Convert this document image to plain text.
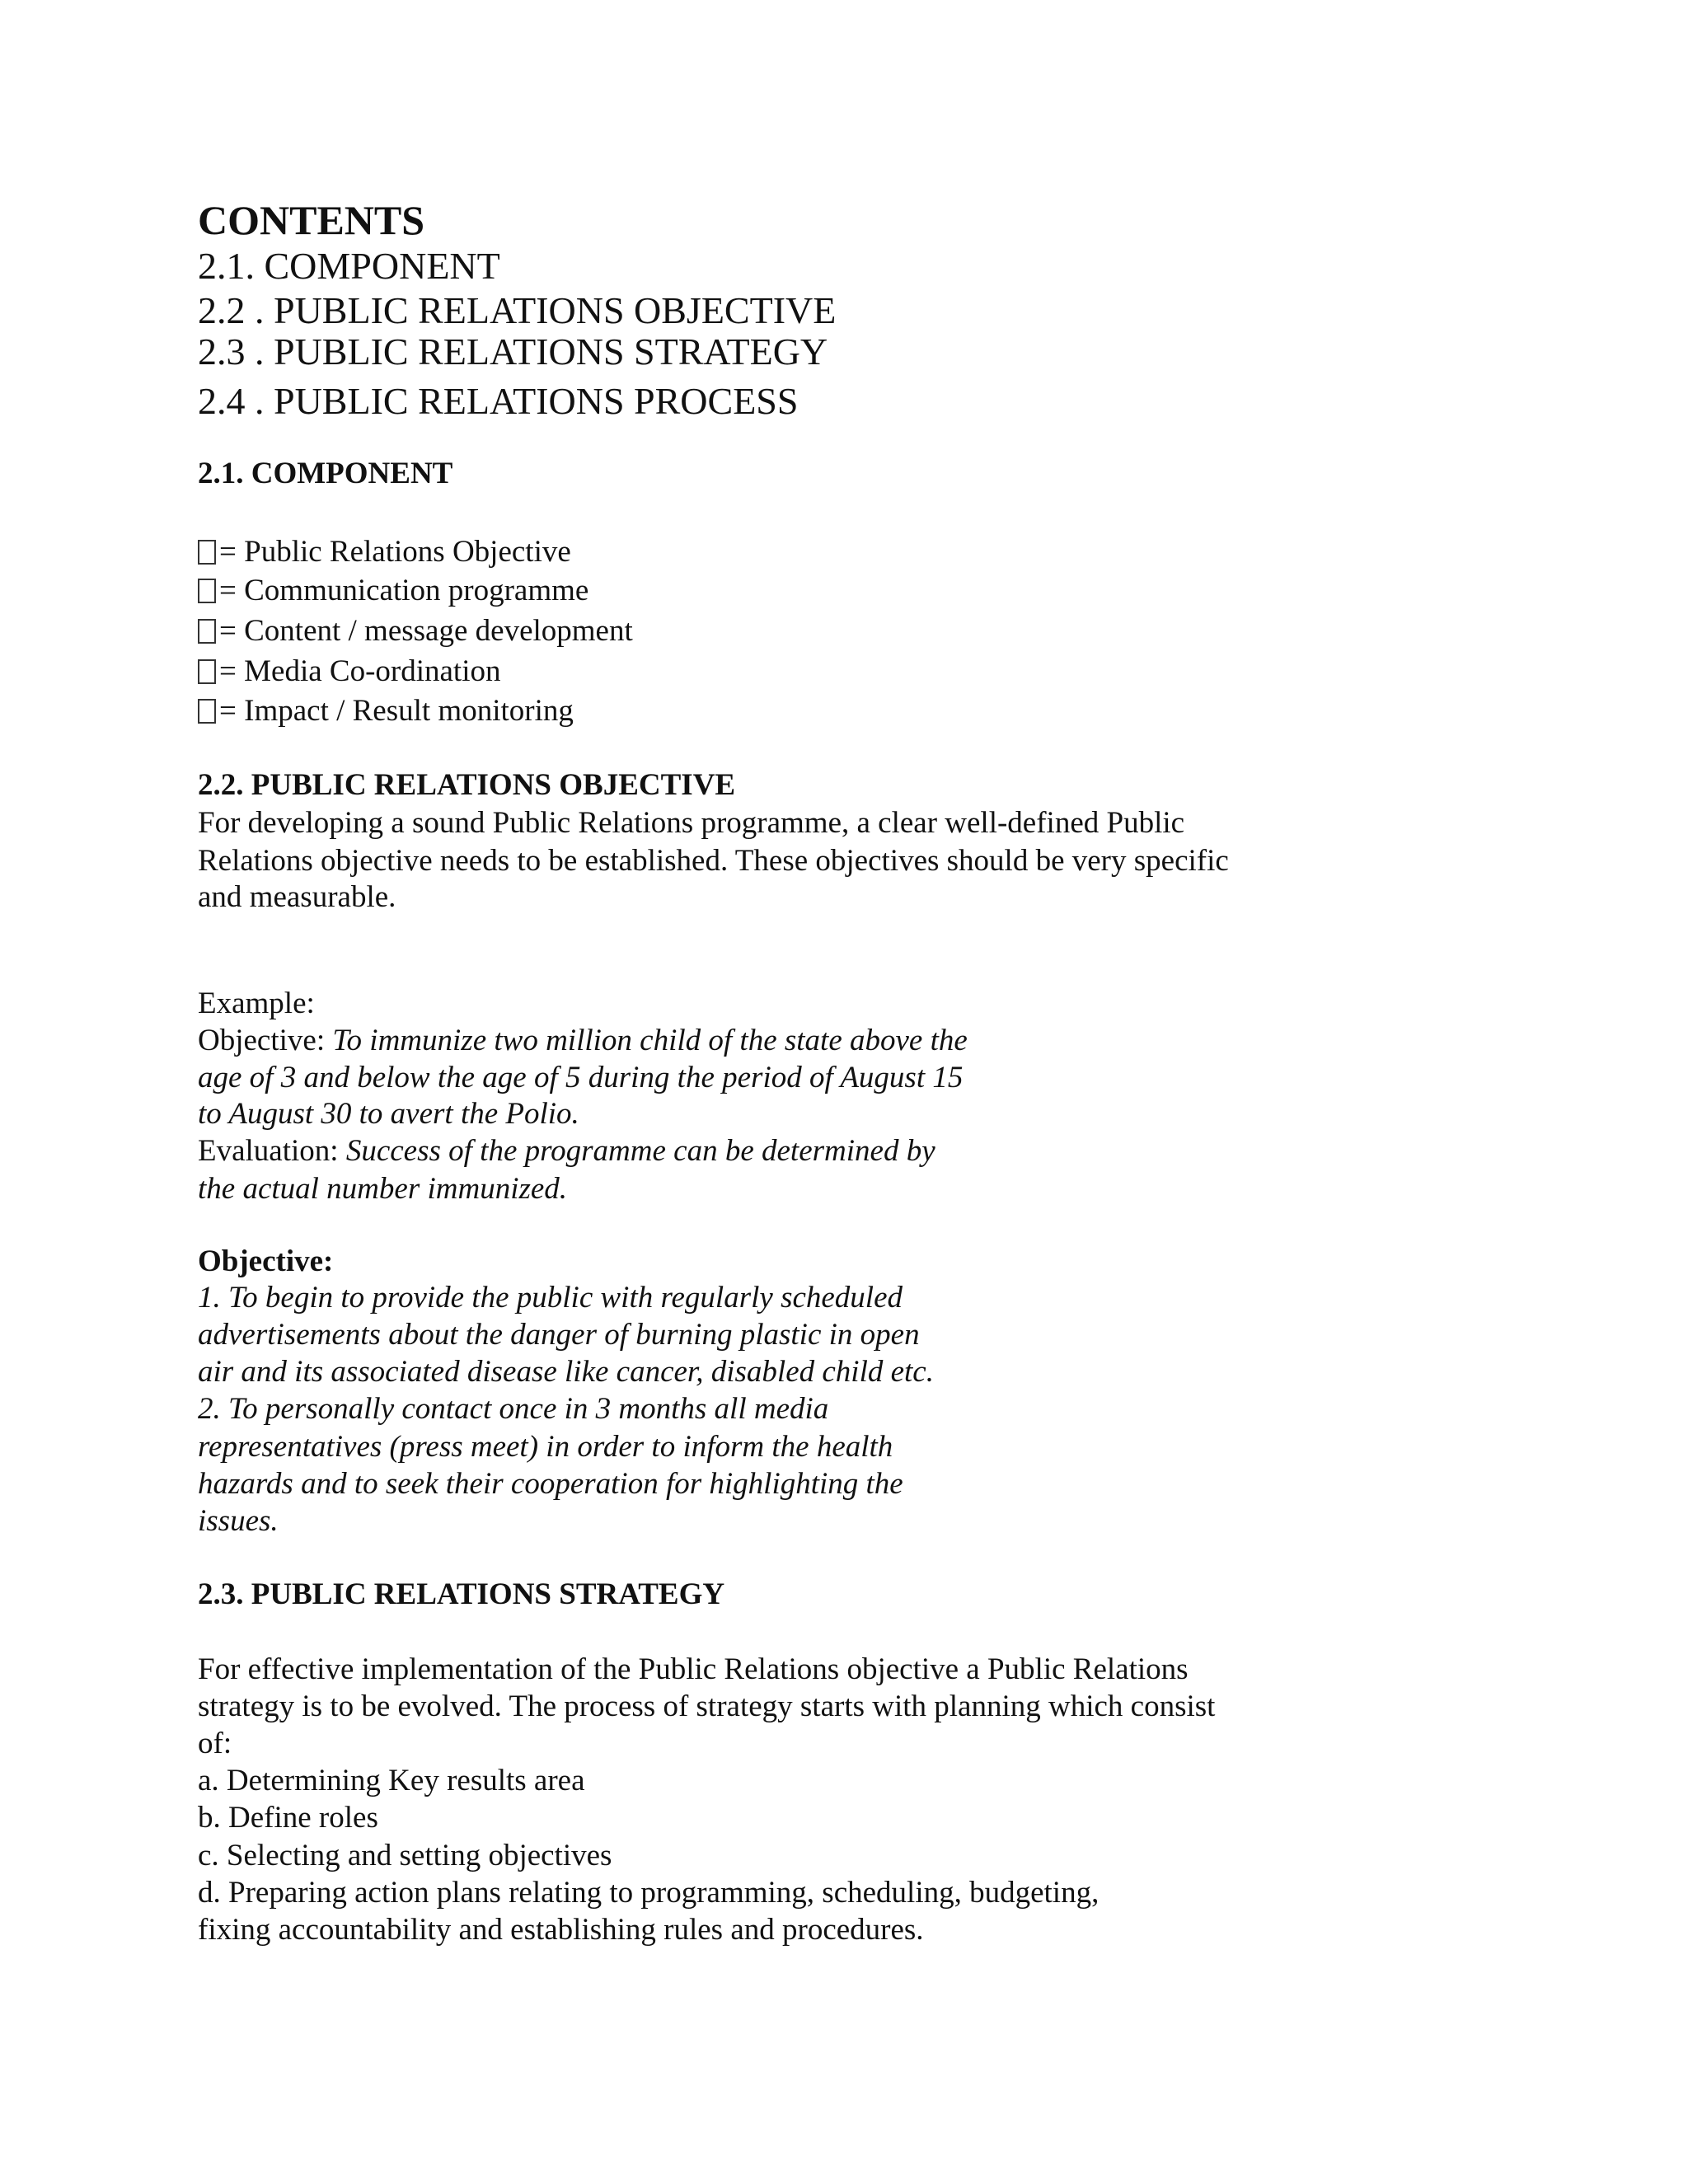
CONTENTS
2.1. COMPONENT
2.2 . PUBLIC RELATIONS OBJECTIVE
2.3 . PUBLIC RELATIONS STRATEGY
2.4 . PUBLIC RELATIONS PROCESS
2.1. COMPONENT
= Public Relations Objective
= Communication programme
= Content / message development
= Media Co-ordination
= Impact / Result monitoring
2.2. PUBLIC RELATIONS OBJECTIVE
For developing a sound Public Relations programme, a clear well-defined Public
Relations objective needs to be established. These objectives should be very specific
and measurable.
Example:
Objective: To immunize two million child of the state above the
age of 3 and below the age of 5 during the period of August 15
to August 30 to avert the Polio.
Evaluation: Success of the programme can be determined by
the actual number immunized.
Objective:
1. To begin to provide the public with regularly scheduled
advertisements about the danger of burning plastic in open
air and its associated disease like cancer, disabled child etc.
2. To personally contact once in 3 months all media
representatives (press meet) in order to inform the health
hazards and to seek their cooperation for highlighting the
issues.
2.3. PUBLIC RELATIONS STRATEGY
For effective implementation of the Public Relations objective a Public Relations
strategy is to be evolved. The process of strategy starts with planning which consist
of:
a. Determining Key results area
b. Define roles
c. Selecting and setting objectives
d. Preparing action plans relating to programming, scheduling, budgeting,
fixing accountability and establishing rules and procedures.
